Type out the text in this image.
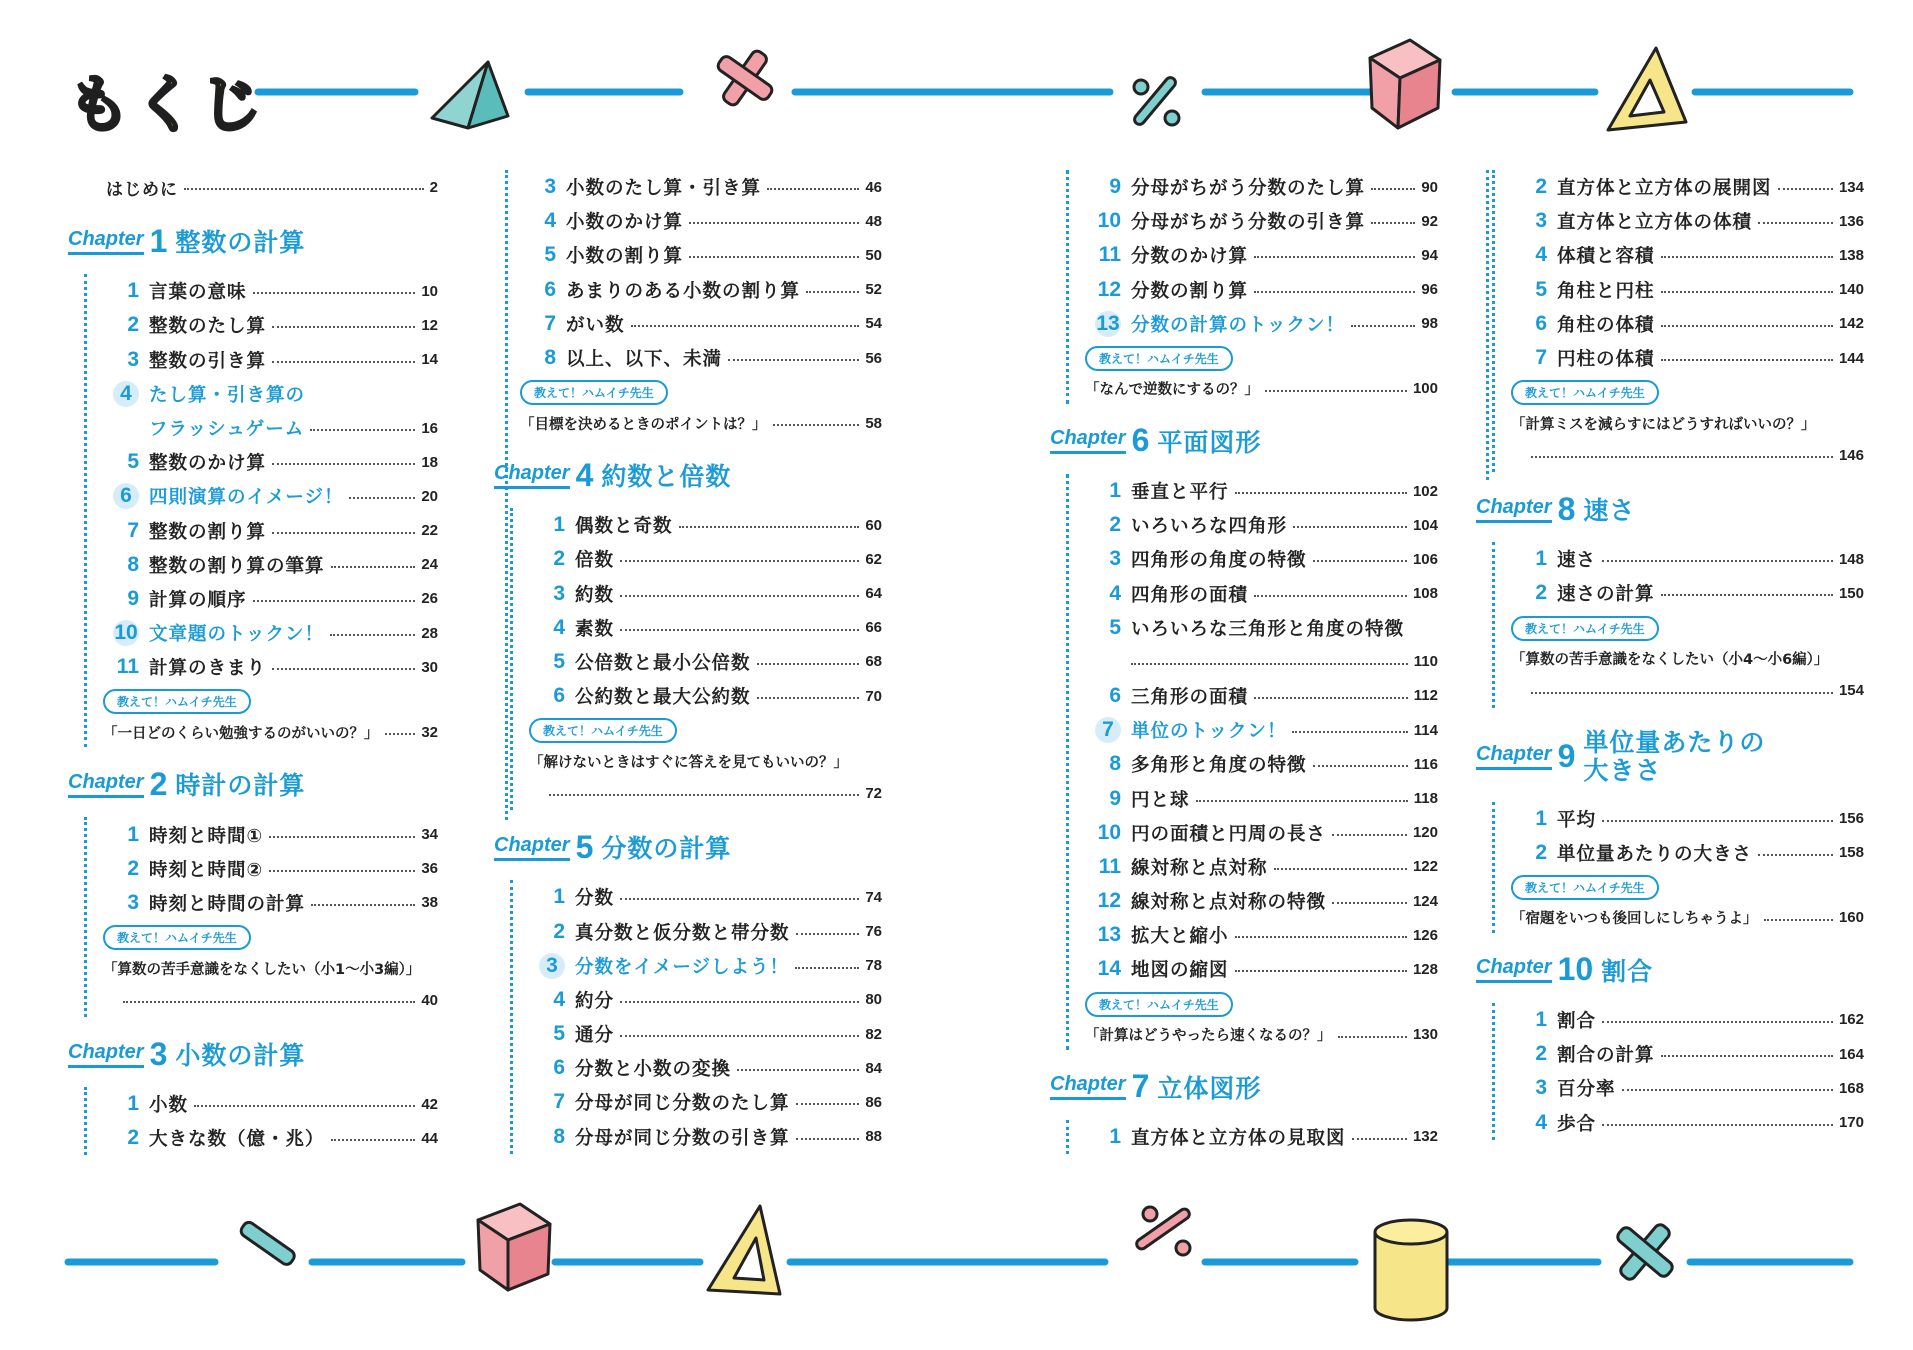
もくじ
はじめに	2
Chapter 1 整数の計算
1 言葉の意味	10
2 整数のたし算	12
3 整数の引き算	14
4 たし算・引き算の
フラッシュゲーム	16
5 整数のかけ算	18
6 四則演算のイメージ！	20
7 整数の割り算	22
8 整数の割り算の筆算	24
9 計算の順序	26
10 文章題のトックン！	28
11 計算のきまり	30
教えて！ハムイチ先生
「一日どのくらい勉強するのがいいの？」	32
Chapter 2 時計の計算
1 時刻と時間①	34
2 時刻と時間②	36
3 時刻と時間の計算	38
教えて！ハムイチ先生
「算数の苦手意識をなくしたい（小1〜小3編）」
40
Chapter 3 小数の計算
1 小数	42
2 大きな数（億・兆）	44
3 小数のたし算・引き算	46
4 小数のかけ算	48
5 小数の割り算	50
6 あまりのある小数の割り算	52
7 がい数	54
8 以上、以下、未満	56
教えて！ハムイチ先生
「目標を決めるときのポイントは？」	58
Chapter 4 約数と倍数
1 偶数と奇数	60
2 倍数	62
3 約数	64
4 素数	66
5 公倍数と最小公倍数	68
6 公約数と最大公約数	70
教えて！ハムイチ先生
「解けないときはすぐに答えを見てもいいの？」
72
Chapter 5 分数の計算
1 分数	74
2 真分数と仮分数と帯分数	76
3 分数をイメージしよう！	78
4 約分	80
5 通分	82
6 分数と小数の変換	84
7 分母が同じ分数のたし算	86
8 分母が同じ分数の引き算	88
9 分母がちがう分数のたし算	90
10 分母がちがう分数の引き算	92
11 分数のかけ算	94
12 分数の割り算	96
13 分数の計算のトックン！	98
教えて！ハムイチ先生
「なんで逆数にするの？」	100
Chapter 6 平面図形
1 垂直と平行	102
2 いろいろな四角形	104
3 四角形の角度の特徴	106
4 四角形の面積	108
5 いろいろな三角形と角度の特徴
110
6 三角形の面積	112
7 単位のトックン！	114
8 多角形と角度の特徴	116
9 円と球	118
10 円の面積と円周の長さ	120
11 線対称と点対称	122
12 線対称と点対称の特徴	124
13 拡大と縮小	126
14 地図の縮図	128
教えて！ハムイチ先生
「計算はどうやったら速くなるの？」	130
Chapter 7 立体図形
1 直方体と立方体の見取図	132
2 直方体と立方体の展開図	134
3 直方体と立方体の体積	136
4 体積と容積	138
5 角柱と円柱	140
6 角柱の体積	142
7 円柱の体積	144
教えて！ハムイチ先生
「計算ミスを減らすにはどうすればいいの？」
146
Chapter 8 速さ
1 速さ	148
2 速さの計算	150
教えて！ハムイチ先生
「算数の苦手意識をなくしたい（小4〜小6編）」
154
Chapter 9 単位量あたりの
大きさ
1 平均	156
2 単位量あたりの大きさ	158
教えて！ハムイチ先生
「宿題をいつも後回しにしちゃうよ」	160
Chapter 10 割合
1 割合	162
2 割合の計算	164
3 百分率	168
4 歩合	170
